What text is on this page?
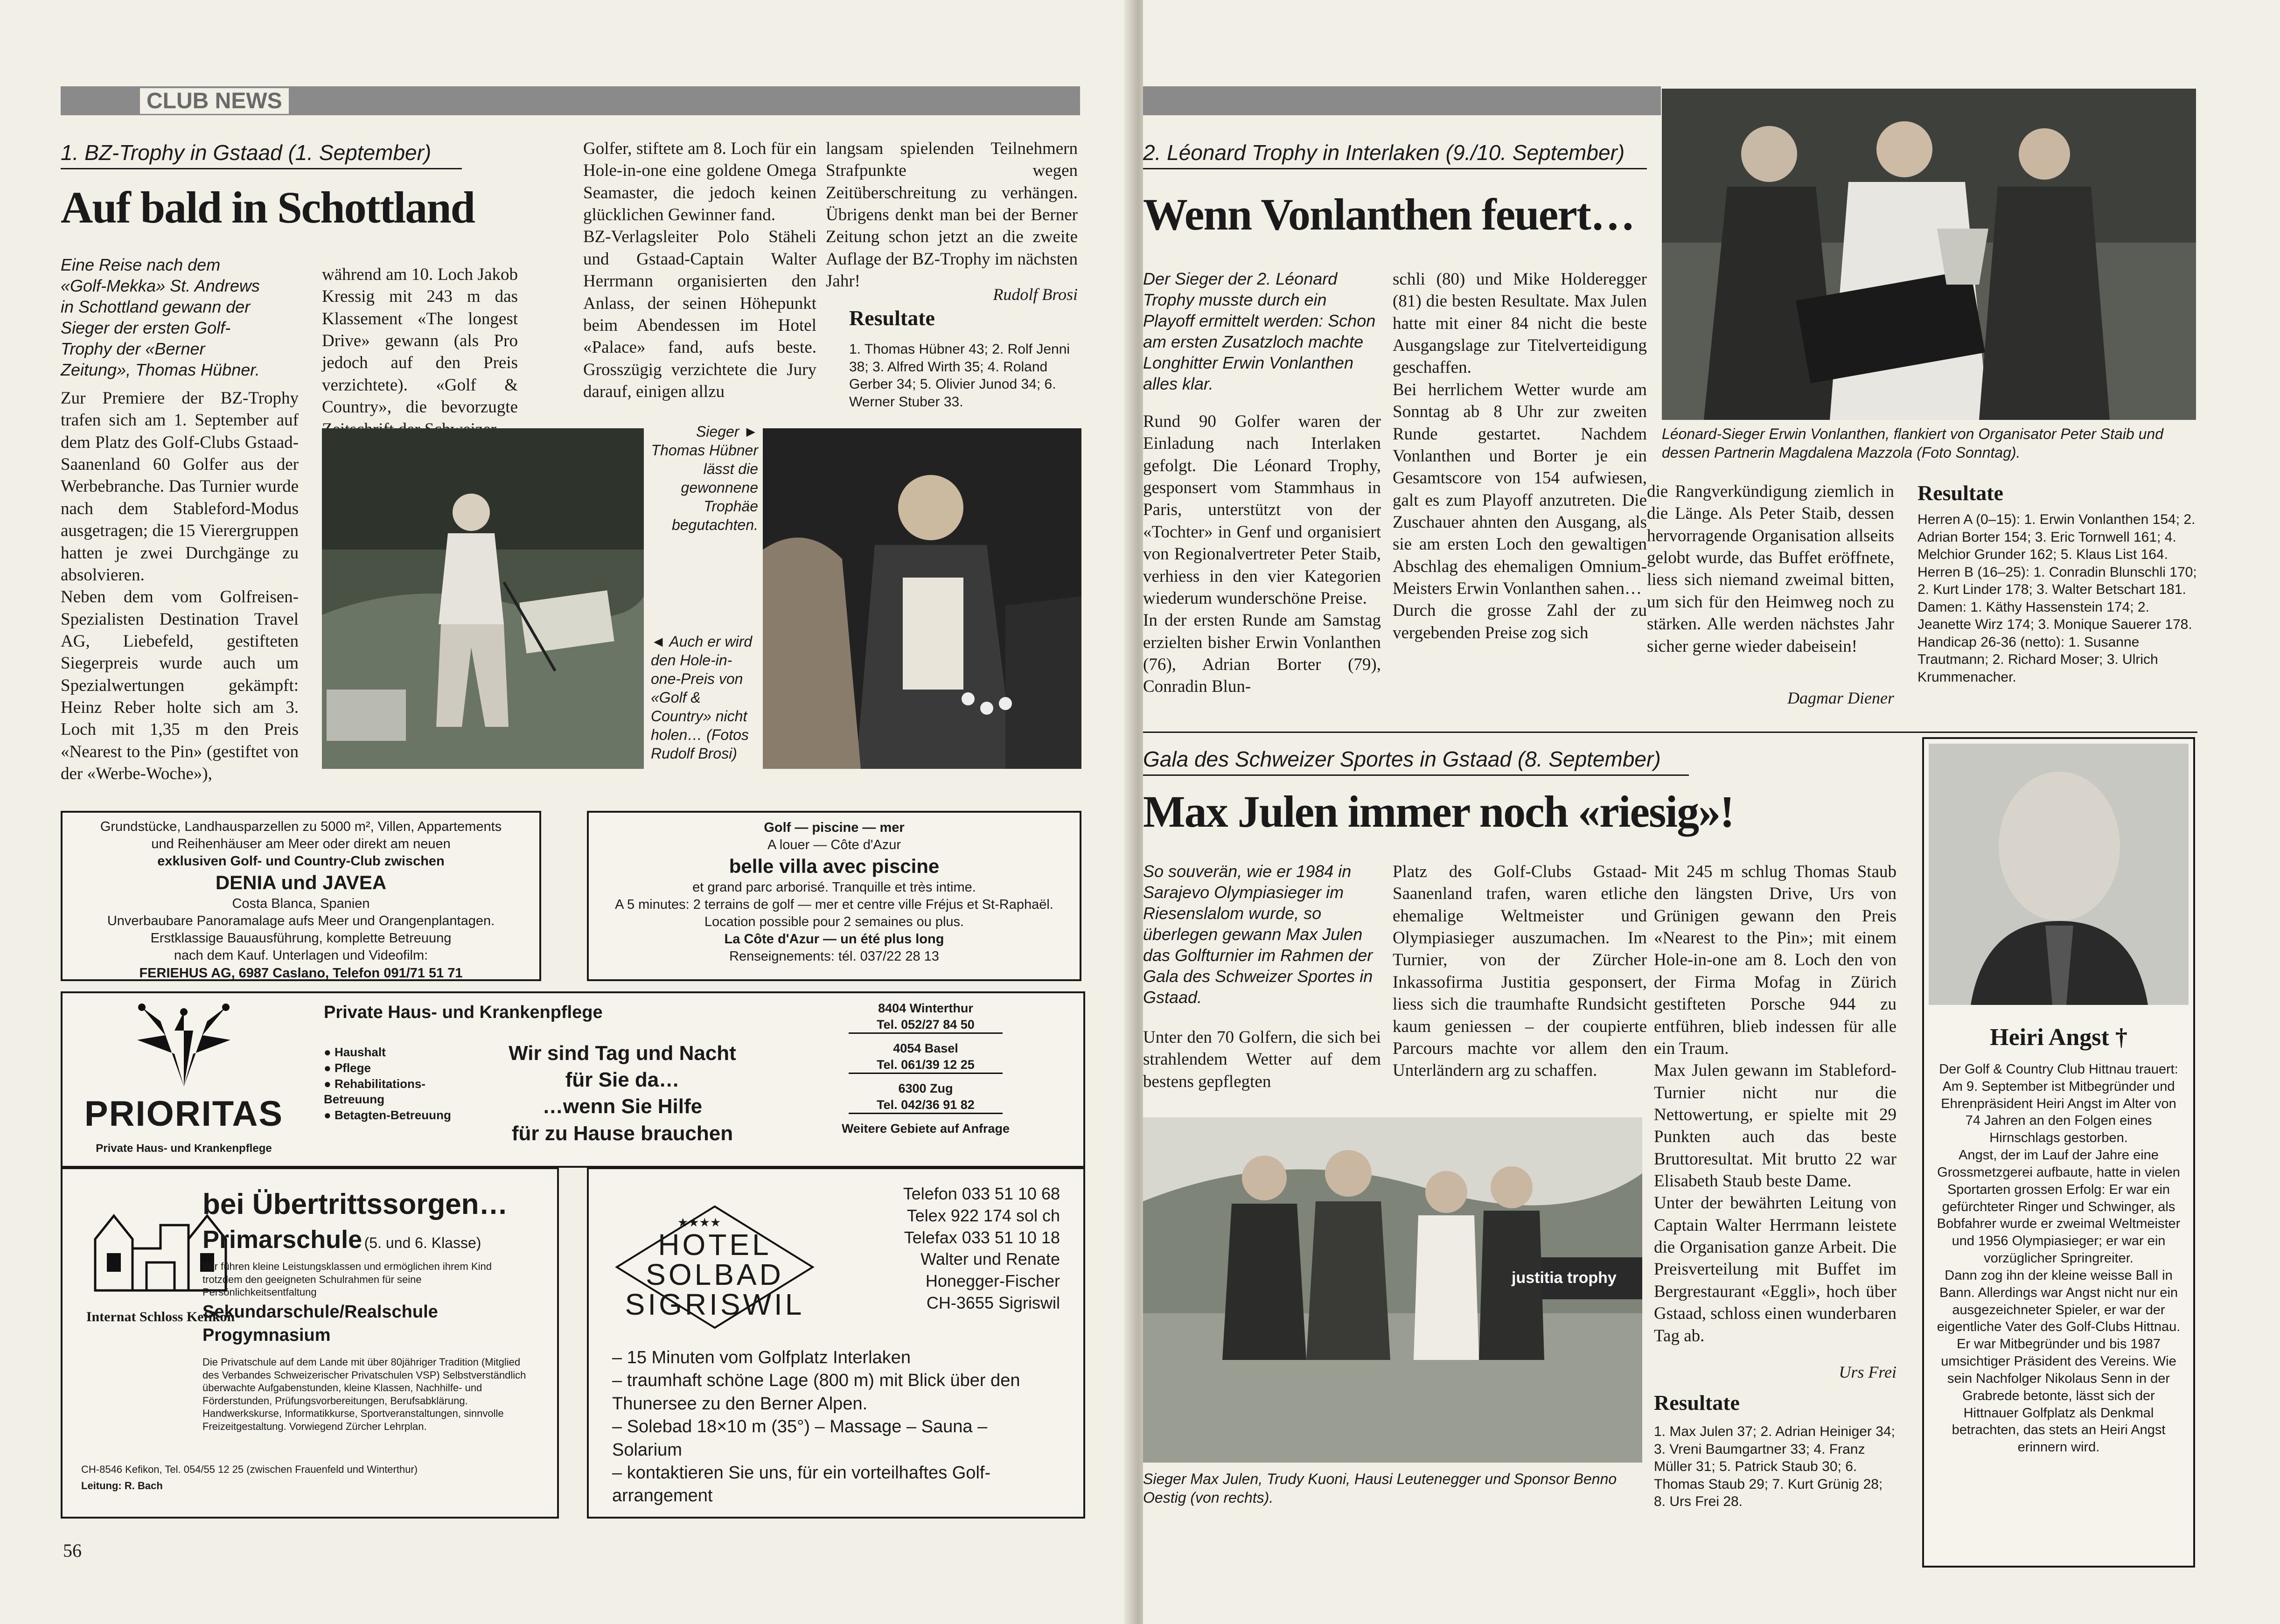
CLUB NEWS
1. BZ-Trophy in Gstaad (1. September)
Auf bald in Schottland
Eine Reise nach dem «Golf-Mekka» St. Andrews in Schottland gewann der Sieger der ersten Golf-Trophy der «Berner Zeitung», Thomas Hübner.
Zur Premiere der BZ-Trophy trafen sich am 1. September auf dem Platz des Golf-Clubs Gstaad-Saanenland 60 Golfer aus der Werbebranche. Das Turnier wurde nach dem Stableford-Modus ausgetragen; die 15 Vierergruppen hatten je zwei Durchgänge zu absolvieren.
Neben dem vom Golfreisen-Spezialisten Destination Travel AG, Liebefeld, gestifteten Siegerpreis wurde auch um Spezialwertungen gekämpft: Heinz Reber holte sich am 3. Loch mit 1,35 m den Preis «Nearest to the Pin» (gestiftet von der «Werbe-Woche»),
während am 10. Loch Jakob Kressig mit 243 m das Klassement «The longest Drive» gewann (als Pro jedoch auf den Preis verzichtete). «Golf & Country», die bevorzugte
Golfer, stiftete am 8. Loch für ein Hole-in-one eine goldene Omega Seamaster, die jedoch keinen glücklichen Gewinner fand.
BZ-Verlagsleiter Polo Stäheli und Gstaad-Captain Walter Herrmann organisierten den Anlass, der seinen Höhepunkt beim Abendessen im Hotel «Palace» fand, aufs beste. Grosszügig verzichtete die Jury darauf, einigen allzu
langsam spielenden Teilnehmern Strafpunkte wegen Zeitüberschreitung zu verhängen. Übrigens denkt man bei der Berner Zeitung schon jetzt an die zweite Auflage der BZ-Trophy im nächsten Jahr!
Rudolf Brosi
Resultate
1. Thomas Hübner 43; 2. Rolf Jenni 38; 3. Alfred Wirth 35; 4. Roland Gerber 34; 5. Olivier Junod 34; 6. Werner Stuber 33.
Sieger ► Thomas Hübner lässt die gewonnene Trophäe begutachten.
◄ Auch er wird den Hole-in-one-Preis von «Golf & Country» nicht holen… (Fotos Rudolf Brosi)
Grundstücke, Landhausparzellen zu 5000 m², Villen, Appartements
und Reihenhäuser am Meer oder direkt am neuen
exklusiven Golf- und Country-Club zwischen
DENIA und JAVEA
Costa Blanca, Spanien
Unverbaubare Panoramalage aufs Meer und Orangenplantagen.
Erstklassige Bauausführung, komplette Betreuung
nach dem Kauf. Unterlagen und Videofilm:
FERIEHUS AG, 6987 Caslano, Telefon 091/71 51 71
Golf — piscine — mer
A louer — Côte d'Azur
belle villa avec piscine
et grand parc arborisé. Tranquille et très intime.
A 5 minutes: 2 terrains de golf — mer et centre ville Fréjus et St-Raphaël.
Location possible pour 2 semaines ou plus.
La Côte d'Azur — un été plus long
Renseignements: tél. 037/22 28 13
PRIORITAS
Private Haus- und Krankenpflege
Private Haus- und Krankenpflege
● Haushalt
● Pflege
● Rehabilitations-Betreuung
● Betagten-Betreuung
Wir sind Tag und Nacht
für Sie da…
…wenn Sie Hilfe
für zu Hause brauchen
8404 Winterthur
Tel. 052/27 84 50
4054 Basel
Tel. 061/39 12 25
6300 Zug
Tel. 042/36 91 82
Weitere Gebiete auf Anfrage
Internat Schloss Kefikon
bei Übertrittssorgen…
Primarschule (5. und 6. Klasse)
Wir führen kleine Leistungsklassen und ermöglichen ihrem Kind trotzdem den geeigneten Schulrahmen für seine Persönlichkeitsentfaltung
Sekundarschule/Realschule
Progymnasium
Die Privatschule auf dem Lande mit über 80jähriger Tradition (Mitglied des Verbandes Schweizerischer Privatschulen VSP) Selbstverständlich überwachte Aufgabenstunden, kleine Klassen, Nachhilfe- und Förderstunden, Prüfungsvorbereitungen, Berufsabklärung. Handwerkskurse, Informatikkurse, Sportveranstaltungen, sinnvolle Freizeitgestaltung. Vorwiegend Zürcher Lehrplan.
CH-8546 Kefikon, Tel. 054/55 12 25 (zwischen Frauenfeld und Winterthur)
Leitung: R. Bach
★★★★
HOTEL
SOLBAD
SIGRISWIL
Telefon 033 51 10 68
Telex 922 174 sol ch
Telefax 033 51 10 18
Walter und Renate
Honegger-Fischer
CH-3655 Sigriswil
– 15 Minuten vom Golfplatz Interlaken
– traumhaft schöne Lage (800 m) mit Blick über den Thunersee zu den Berner Alpen.
– Solebad 18×10 m (35°) – Massage – Sauna – Solarium
– kontaktieren Sie uns, für ein vorteilhaftes Golf-arrangement
56
2. Léonard Trophy in Interlaken (9./10. September)
Wenn Vonlanthen feuert…
Der Sieger der 2. Léonard Trophy musste durch ein Playoff ermittelt werden: Schon am ersten Zusatzloch machte Longhitter Erwin Vonlanthen alles klar.
Rund 90 Golfer waren der Einladung nach Interlaken gefolgt. Die Léonard Trophy, gesponsert vom Stammhaus in Paris, unterstützt von der «Tochter» in Genf und organisiert von Regionalvertreter Peter Staib, verhiess in den vier Kategorien wiederum wunderschöne Preise.
In der ersten Runde am Samstag erzielten bisher Erwin Vonlanthen (76), Adrian Borter (79), Conradin Blun-
schli (80) und Mike Holderegger (81) die besten Resultate. Max Julen hatte mit einer 84 nicht die beste Ausgangslage zur Titelverteidigung geschaffen.
Bei herrlichem Wetter wurde am Sonntag ab 8 Uhr zur zweiten Runde gestartet. Nachdem Vonlanthen und Borter je ein Gesamtscore von 154 aufwiesen, galt es zum Playoff anzutreten. Die Zuschauer ahnten den Ausgang, als sie am ersten Loch den gewaltigen Abschlag des ehemaligen Omnium-Meisters Erwin Vonlanthen sahen…
Durch die grosse Zahl der zu vergebenden Preise zog sich
die Rangverkündigung ziemlich in die Länge. Als Peter Staib, dessen hervorragende Organisation allseits gelobt wurde, das Buffet eröffnete, liess sich niemand zweimal bitten, um sich für den Heimweg noch zu stärken. Alle werden nächstes Jahr sicher gerne wieder dabeisein!
Dagmar Diener
Léonard-Sieger Erwin Vonlanthen, flankiert von Organisator Peter Staib und dessen Partnerin Magdalena Mazzola (Foto Sonntag).
Resultate
Herren A (0–15): 1. Erwin Vonlanthen 154; 2. Adrian Borter 154; 3. Eric Tornwell 161; 4. Melchior Grunder 162; 5. Klaus List 164. Herren B (16–25): 1. Conradin Blunschli 170; 2. Kurt Linder 178; 3. Walter Betschart 181. Damen: 1. Käthy Hassenstein 174; 2. Jeanette Wirz 174; 3. Monique Sauerer 178. Handicap 26-36 (netto): 1. Susanne Trautmann; 2. Richard Moser; 3. Ulrich Krummenacher.
Gala des Schweizer Sportes in Gstaad (8. September)
Max Julen immer noch «riesig»!
So souverän, wie er 1984 in Sarajevo Olympiasieger im Riesenslalom wurde, so überlegen gewann Max Julen das Golfturnier im Rahmen der Gala des Schweizer Sportes in Gstaad.
Unter den 70 Golfern, die sich bei strahlendem Wetter auf dem bestens gepflegten
Platz des Golf-Clubs Gstaad-Saanenland trafen, waren etliche ehemalige Weltmeister und Olympiasieger auszumachen. Im Turnier, von der Zürcher Inkassofirma Justitia gesponsert, liess sich die traumhafte Rundsicht kaum geniessen – der coupierte Parcours machte vor allem den Unterländern arg zu schaffen.
Mit 245 m schlug Thomas Staub den längsten Drive, Urs von Grünigen gewann den Preis «Nearest to the Pin»; mit einem Hole-in-one am 8. Loch den von der Firma Mofag in Zürich gestifteten Porsche 944 zu entführen, blieb indessen für alle ein Traum.
Max Julen gewann im Stableford-Turnier nicht nur die Nettowertung, er spielte mit 29 Punkten auch das beste Bruttoresultat. Mit brutto 22 war Elisabeth Staub beste Dame.
Unter der bewährten Leitung von Captain Walter Herrmann leistete die Organisation ganze Arbeit. Die Preisverteilung mit Buffet im Bergrestaurant «Eggli», hoch über Gstaad, schloss einen wunderbaren Tag ab.
Urs Frei
Resultate
1. Max Julen 37; 2. Adrian Heiniger 34; 3. Vreni Baumgartner 33; 4. Franz Müller 31; 5. Patrick Staub 30; 6. Thomas Staub 29; 7. Kurt Grünig 28; 8. Urs Frei 28.
justitia trophy
Sieger Max Julen, Trudy Kuoni, Hausi Leutenegger und Sponsor Benno Oestig (von rechts).
Heiri Angst †
Der Golf & Country Club Hittnau trauert: Am 9. September ist Mitbegründer und Ehrenpräsident Heiri Angst im Alter von 74 Jahren an den Folgen eines Hirnschlags gestorben.
Angst, der im Lauf der Jahre eine Grossmetzgerei aufbaute, hatte in vielen Sportarten grossen Erfolg: Er war ein gefürchteter Ringer und Schwinger, als Bobfahrer wurde er zweimal Weltmeister und 1956 Olympiasieger; er war ein vorzüglicher Springreiter.
Dann zog ihn der kleine weisse Ball in Bann. Allerdings war Angst nicht nur ein ausgezeichneter Spieler, er war der eigentliche Vater des Golf-Clubs Hittnau. Er war Mitbegründer und bis 1987 umsichtiger Präsident des Vereins. Wie sein Nachfolger Nikolaus Senn in der Grabrede betonte, lässt sich der Hittnauer Golfplatz als Denkmal betrachten, das stets an Heiri Angst erinnern wird.
